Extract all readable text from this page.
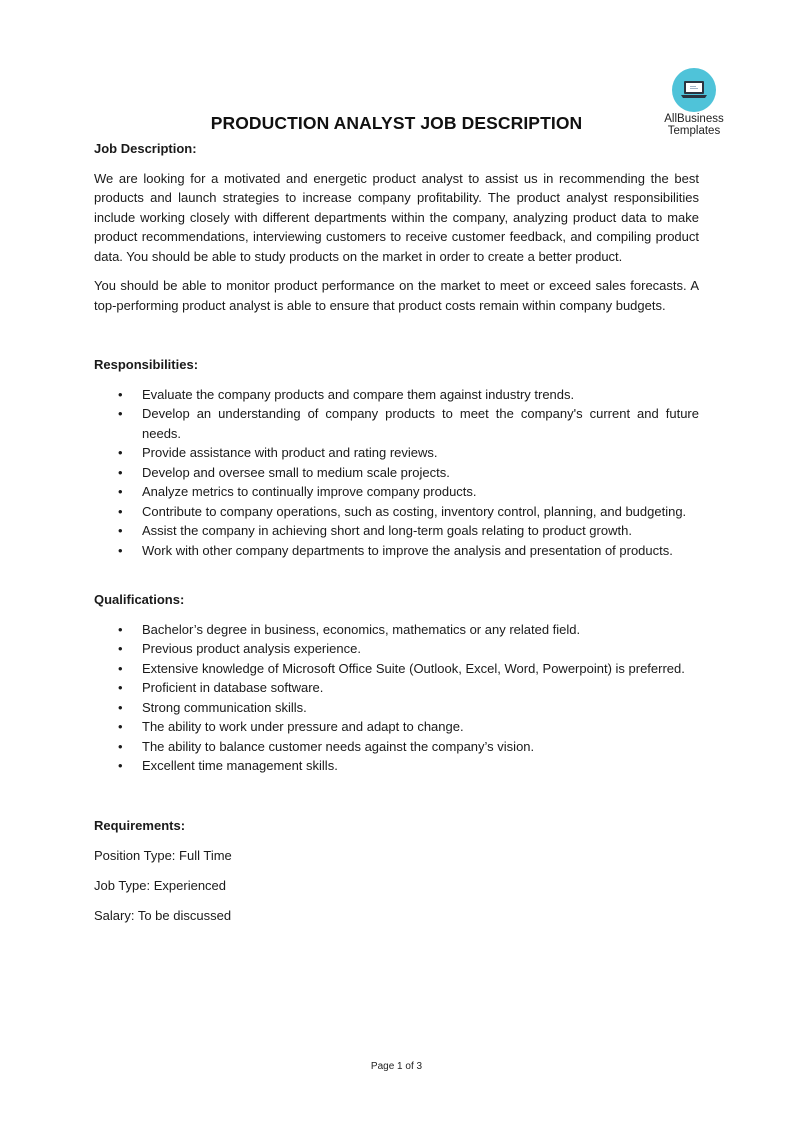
AllBusiness
Templates
PRODUCTION ANALYST JOB DESCRIPTION
Job Description:

We are looking for a motivated and energetic product analyst to assist us in recommending the best products and launch strategies to increase company profitability. The product analyst responsibilities include working closely with different departments within the company, analyzing product data to make product recommendations, interviewing customers to receive customer feedback, and compiling product data. You should be able to study products on the market in order to create a better product.

You should be able to monitor product performance on the market to meet or exceed sales forecasts. A top-performing product analyst is able to ensure that product costs remain within company budgets.

Responsibilities:
• Evaluate the company products and compare them against industry trends.
• Develop an understanding of company products to meet the company's current and future needs.
• Provide assistance with product and rating reviews.
• Develop and oversee small to medium scale projects.
• Analyze metrics to continually improve company products.
• Contribute to company operations, such as costing, inventory control, planning, and budgeting.
• Assist the company in achieving short and long-term goals relating to product growth.
• Work with other company departments to improve the analysis and presentation of products.
Qualifications:
• Bachelor’s degree in business, economics, mathematics or any related field.
• Previous product analysis experience.
• Extensive knowledge of Microsoft Office Suite (Outlook, Excel, Word, Powerpoint) is preferred.
• Proficient in database software.
• Strong communication skills.
• The ability to work under pressure and adapt to change.
• The ability to balance customer needs against the company’s vision.
• Excellent time management skills.
Requirements:
Position Type: Full Time
Job Type: Experienced
Salary: To be discussed
Page 1 of 3
